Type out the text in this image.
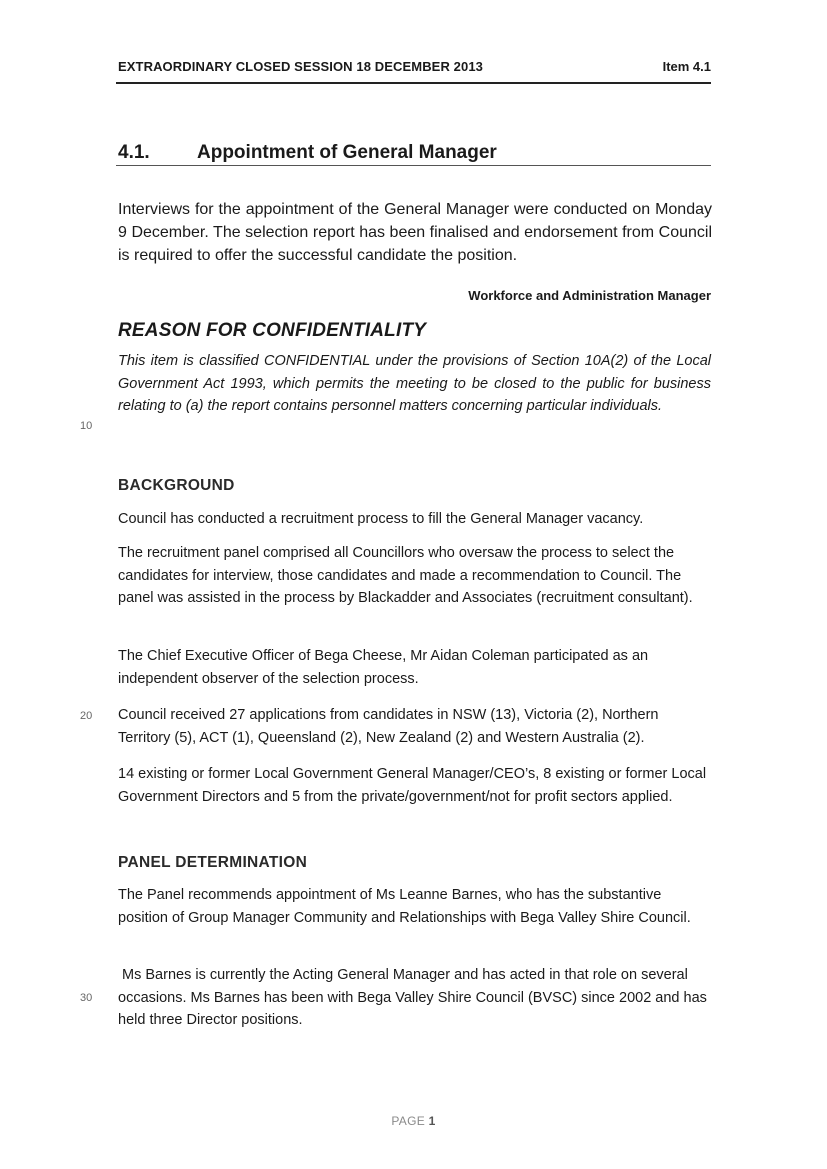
EXTRAORDINARY CLOSED SESSION 18 DECEMBER 2013	Item 4.1
4.1. Appointment of General Manager

Interviews for the appointment of the General Manager were conducted on Monday 9 December. The selection report has been finalised and endorsement from Council is required to offer the successful candidate the position.

Workforce and Administration Manager
REASON FOR CONFIDENTIALITY

This item is classified CONFIDENTIAL under the provisions of Section 10A(2) of the Local Government Act 1993, which permits the meeting to be closed to the public for business relating to (a) the report contains personnel matters concerning particular individuals.

10
20
30
BACKGROUND

Council has conducted a recruitment process to fill the General Manager vacancy.

The recruitment panel comprised all Councillors who oversaw the process to select the candidates for interview, those candidates and made a recommendation to Council. The panel was assisted in the process by Blackadder and Associates (recruitment consultant).

The Chief Executive Officer of Bega Cheese, Mr Aidan Coleman participated as an independent observer of the selection process.

Council received 27 applications from candidates in NSW (13), Victoria (2), Northern Territory (5), ACT (1), Queensland (2), New Zealand (2) and Western Australia (2).

14 existing or former Local Government General Manager/CEO’s, 8 existing or former Local Government Directors and 5 from the private/government/not for profit sectors applied.

PANEL DETERMINATION

The Panel recommends appointment of Ms Leanne Barnes, who has the substantive position of Group Manager Community and Relationships with Bega Valley Shire Council.

Ms Barnes is currently the Acting General Manager and has acted in that role on several occasions. Ms Barnes has been with Bega Valley Shire Council (BVSC) since 2002 and has held three Director positions.

PAGE 1
